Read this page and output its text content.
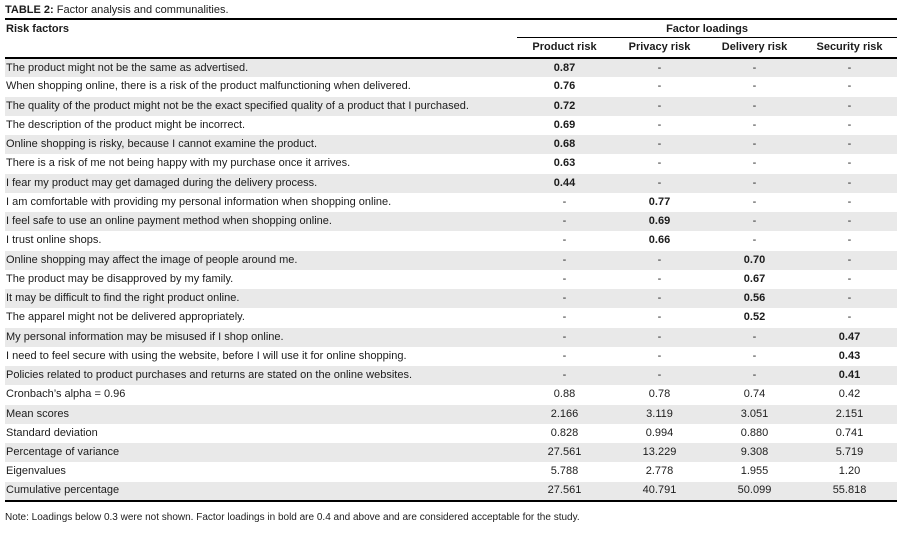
TABLE 2: Factor analysis and communalities.
Risk factors	Factor loadings			
	Product risk	Privacy risk	Delivery risk	Security risk
The product might not be the same as advertised.	0.87	-	-	-
When shopping online, there is a risk of the product malfunctioning when delivered.	0.76	-	-	-
The quality of the product might not be the exact specified quality of a product that I purchased.	0.72	-	-	-
The description of the product might be incorrect.	0.69	-	-	-
Online shopping is risky, because I cannot examine the product.	0.68	-	-	-
There is a risk of me not being happy with my purchase once it arrives.	0.63	-	-	-
I fear my product may get damaged during the delivery process.	0.44	-	-	-
I am comfortable with providing my personal information when shopping online.	-	0.77	-	-
I feel safe to use an online payment method when shopping online.	-	0.69	-	-
I trust online shops.	-	0.66	-	-
Online shopping may affect the image of people around me.	-	-	0.70	-
The product may be disapproved by my family.	-	-	0.67	-
It may be difficult to find the right product online.	-	-	0.56	-
The apparel might not be delivered appropriately.	-	-	0.52	-
My personal information may be misused if I shop online.	-	-	-	0.47
I need to feel secure with using the website, before I will use it for online shopping.	-	-	-	0.43
Policies related to product purchases and returns are stated on the online websites.	-	-	-	0.41
Cronbach’s alpha = 0.96	0.88	0.78	0.74	0.42
Mean scores	2.166	3.119	3.051	2.151
Standard deviation	0.828	0.994	0.880	0.741
Percentage of variance	27.561	13.229	9.308	5.719
Eigenvalues	5.788	2.778	1.955	1.20
Cumulative percentage	27.561	40.791	50.099	55.818
Note: Loadings below 0.3 were not shown. Factor loadings in bold are 0.4 and above and are considered acceptable for the study.
